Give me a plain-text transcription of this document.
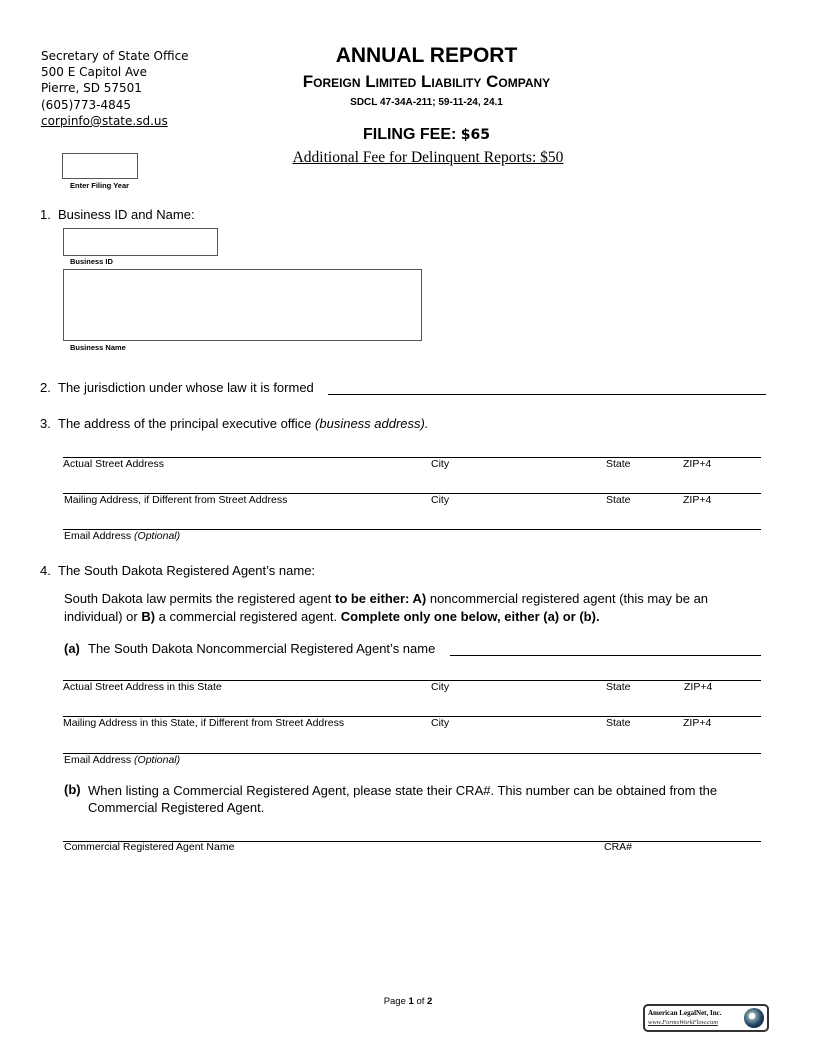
Secretary of State Office
500 E Capitol Ave
Pierre, SD 57501
(605)773-4845
corpinfo@state.sd.us
ANNUAL REPORT
Foreign Limited Liability Company
SDCL 47-34A-211; 59-11-24, 24.1
FILING FEE: $65
Additional Fee for Delinquent Reports: $50
Enter Filing Year
1. Business ID and Name:
Business ID
Business Name
2. The jurisdiction under whose law it is formed
3. The address of the principal executive office (business address).
Actual Street Address	City	State	ZIP+4
Mailing Address, if Different from Street Address	City	State	ZIP+4
Email Address (Optional)
4. The South Dakota Registered Agent’s name:
South Dakota law permits the registered agent to be either: A) noncommercial registered agent (this may be an individual) or B) a commercial registered agent. Complete only one below, either (a) or (b).
(a) The South Dakota Noncommercial Registered Agent’s name
Actual Street Address in this State	City	State	ZIP+4
Mailing Address in this State, if Different from Street Address	City	State	ZIP+4
Email Address (Optional)
(b) When listing a Commercial Registered Agent, please state their CRA#. This number can be obtained from the Commercial Registered Agent.
Commercial Registered Agent Name	CRA#
Page 1 of 2
American LegalNet, Inc.
www.FormsWorkFlow.com
